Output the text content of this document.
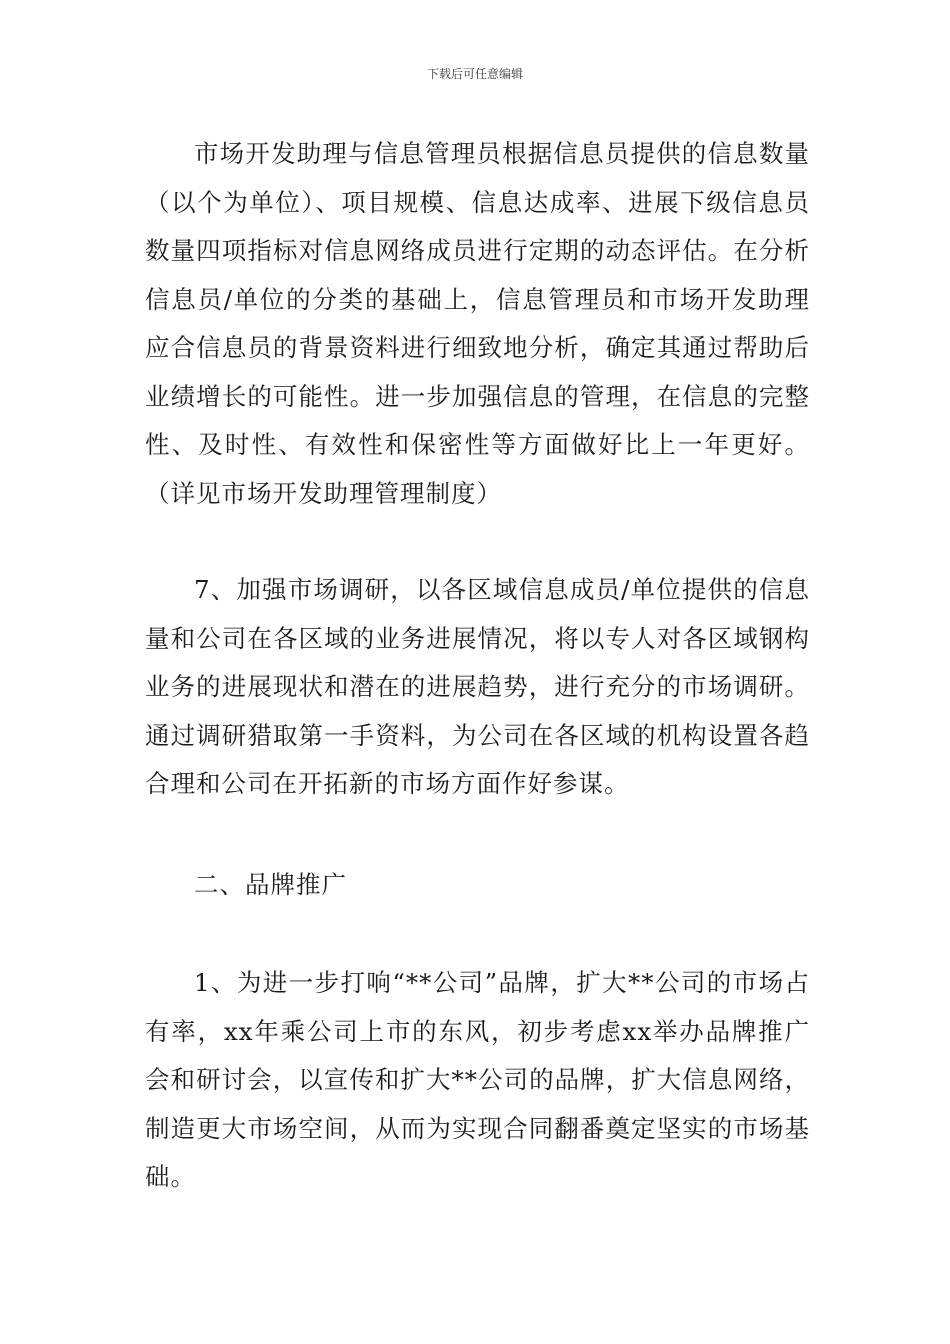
下载后可任意编辑

市场开发助理与信息管理员根据信息员提供的信息数量（以个为单位）、项目规模、信息达成率、进展下级信息员数量四项指标对信息网络成员进行定期的动态评估。在分析信息员/单位的分类的基础上，信息管理员和市场开发助理应合信息员的背景资料进行细致地分析，确定其通过帮助后业绩增长的可能性。进一步加强信息的管理，在信息的完整性、及时性、有效性和保密性等方面做好比上一年更好。（详见市场开发助理管理制度）

7、加强市场调研，以各区域信息成员/单位提供的信息量和公司在各区域的业务进展情况，将以专人对各区域钢构业务的进展现状和潜在的进展趋势，进行充分的市场调研。通过调研猎取第一手资料，为公司在各区域的机构设置各趋合理和公司在开拓新的市场方面作好参谋。

二、品牌推广

1、为进一步打响“**公司”品牌，扩大**公司的市场占有率，xx年乘公司上市的东风，初步考虑xx举办品牌推广会和研讨会，以宣传和扩大**公司的品牌，扩大信息网络，制造更大市场空间，从而为实现合同翻番奠定坚实的市场基础。
